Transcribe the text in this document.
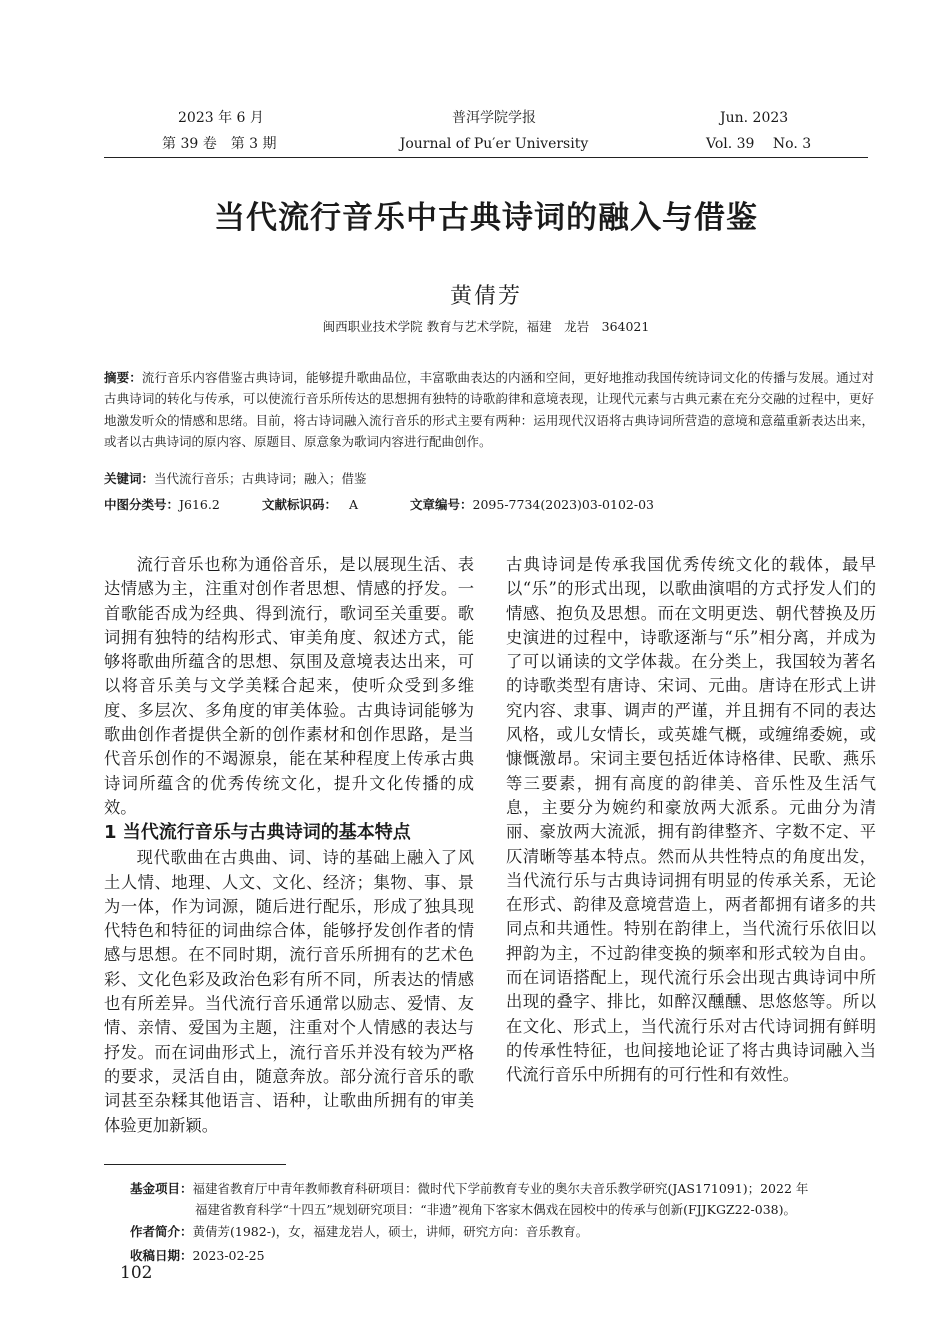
2023 年 6 月
第 39 卷　第 3 期
普洱学院学报
Journal of Pu′er University
Jun. 2023
Vol. 39　 No. 3
当代流行音乐中古典诗词的融入与借鉴
黄倩芳
闽西职业技术学院 教育与艺术学院，福建　龙岩　364021
摘要：流行音乐内容借鉴古典诗词，能够提升歌曲品位，丰富歌曲表达的内涵和空间，更好地推动我国传统诗词文化的传播与发展。通过对古典诗词的转化与传承，可以使流行音乐所传达的思想拥有独特的诗歌韵律和意境表现，让现代元素与古典元素在充分交融的过程中，更好地激发听众的情感和思绪。目前，将古诗词融入流行音乐的形式主要有两种：运用现代汉语将古典诗词所营造的意境和意蕴重新表达出来，或者以古典诗词的原内容、原题目、原意象为歌词内容进行配曲创作。
关键词：当代流行音乐；古典诗词；融入；借鉴
中图分类号：J616.2	文献标识码： A	文章编号：2095-7734(2023)03-0102-03

流行音乐也称为通俗音乐，是以展现生活、表达情感为主，注重对创作者思想、情感的抒发。一首歌能否成为经典、得到流行，歌词至关重要。歌词拥有独特的结构形式、审美角度、叙述方式，能够将歌曲所蕴含的思想、氛围及意境表达出来，可以将音乐美与文学美糅合起来，使听众受到多维度、多层次、多角度的审美体验。古典诗词能够为歌曲创作者提供全新的创作素材和创作思路，是当代音乐创作的不竭源泉，能在某种程度上传承古典诗词所蕴含的优秀传统文化，提升文化传播的成效。

1 当代流行音乐与古典诗词的基本特点

现代歌曲在古典曲、词、诗的基础上融入了风土人情、地理、人文、文化、经济；集物、事、景为一体，作为词源，随后进行配乐，形成了独具现代特色和特征的词曲综合体，能够抒发创作者的情感与思想。在不同时期，流行音乐所拥有的艺术色彩、文化色彩及政治色彩有所不同，所表达的情感也有所差异。当代流行音乐通常以励志、爱情、友情、亲情、爱国为主题，注重对个人情感的表达与抒发。而在词曲形式上，流行音乐并没有较为严格的要求，灵活自由，随意奔放。部分流行音乐的歌词甚至杂糅其他语言、语种，让歌曲所拥有的审美体验更加新颖。

古典诗词是传承我国优秀传统文化的载体，最早以“乐”的形式出现，以歌曲演唱的方式抒发人们的情感、抱负及思想。而在文明更迭、朝代替换及历史演进的过程中，诗歌逐渐与“乐”相分离，并成为了可以诵读的文学体裁。在分类上，我国较为著名的诗歌类型有唐诗、宋词、元曲。唐诗在形式上讲究内容、隶事、调声的严谨，并且拥有不同的表达风格，或儿女情长，或英雄气概，或缠绵委婉，或慷慨激昂。宋词主要包括近体诗格律、民歌、燕乐等三要素，拥有高度的韵律美、音乐性及生活气息，主要分为婉约和豪放两大派系。元曲分为清丽、豪放两大流派，拥有韵律整齐、字数不定、平仄清晰等基本特点。然而从共性特点的角度出发，当代流行乐与古典诗词拥有明显的传承关系，无论在形式、韵律及意境营造上，两者都拥有诸多的共同点和共通性。特别在韵律上，当代流行乐依旧以押韵为主，不过韵律变换的频率和形式较为自由。而在词语搭配上，现代流行乐会出现古典诗词中所出现的叠字、排比，如醉汉醺醺、思悠悠等。所以在文化、形式上，当代流行乐对古代诗词拥有鲜明的传承性特征，也间接地论证了将古典诗词融入当代流行音乐中所拥有的可行性和有效性。

基金项目：福建省教育厅中青年教师教育科研项目：微时代下学前教育专业的奥尔夫音乐教学研究(JAS171091)；2022 年
福建省教育科学“十四五”规划研究项目：“非遗”视角下客家木偶戏在园校中的传承与创新(FJJKGZ22-038)。
作者简介：黄倩芳(1982-)，女，福建龙岩人，硕士，讲师，研究方向：音乐教育。
收稿日期：2023-02-25
102
